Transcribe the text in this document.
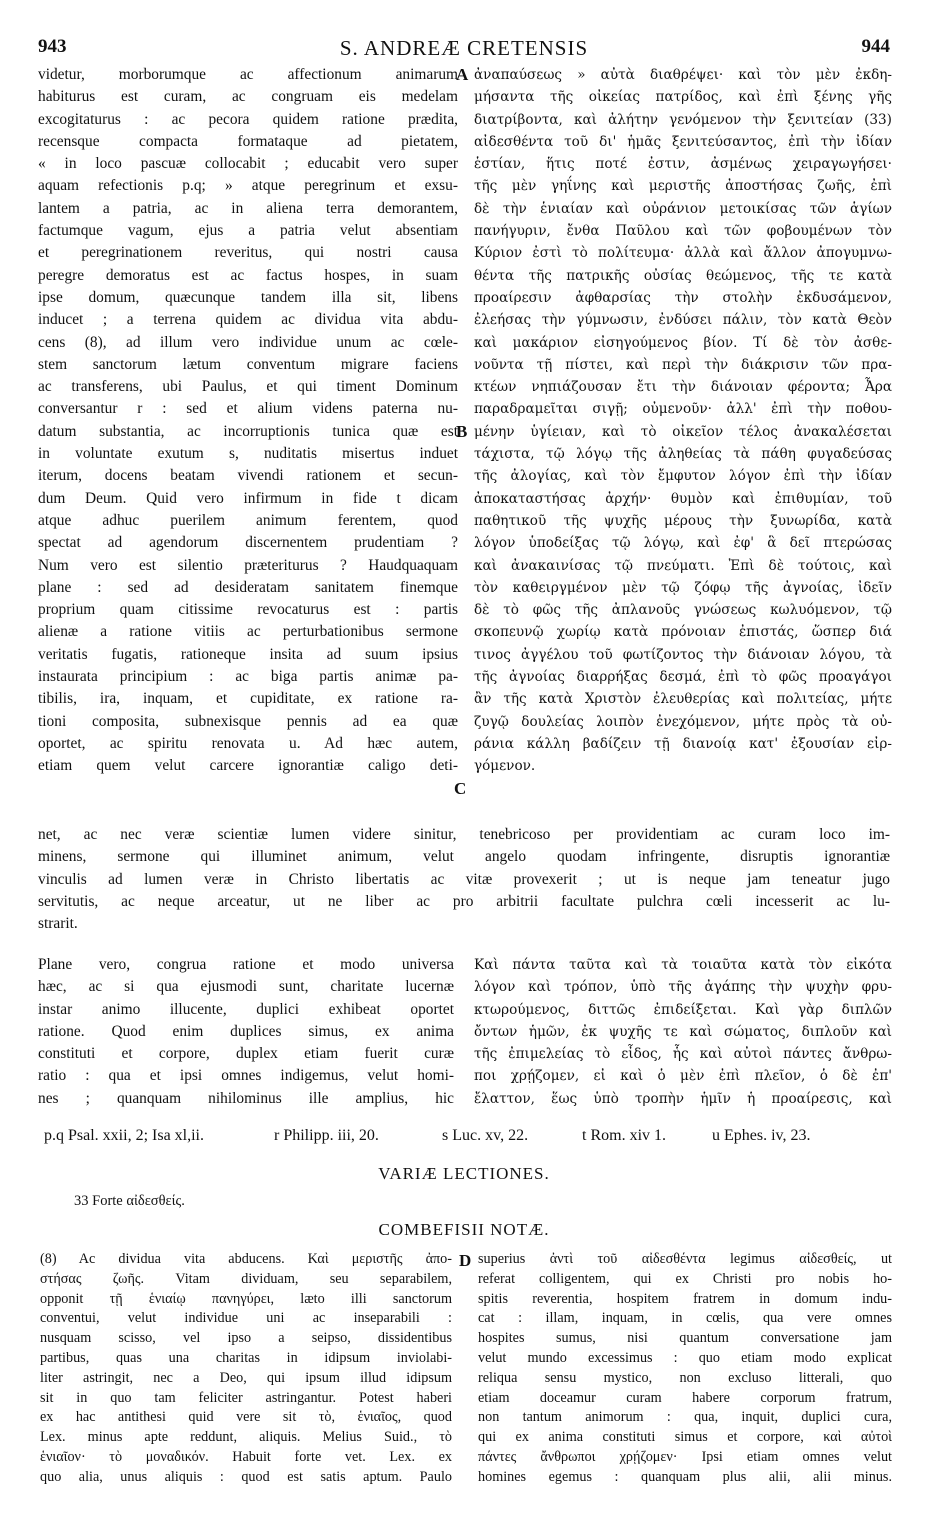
943	S. ANDREÆ CRETENSIS	944
A
B
C
D
videtur, morborumque ac affectionum animarum
habiturus est curam, ac congruam eis medelam
excogitaturus : ac pecora quidem ratione prædita,
recensque compacta formataque ad pietatem,
« in loco pascuæ collocabit ; educabit vero super
aquam refectionis p.q; » atque peregrinum et exsu-
lantem a patria, ac in aliena terra demorantem,
factumque vagum, ejus a patria velut absentiam
et peregrinationem reveritus, qui nostri causa
peregre demoratus est ac factus hospes, in suam
ipse domum, quæcunque tandem illa sit, libens
inducet ; a terrena quidem ac dividua vita abdu-
cens (8), ad illum vero individue unum ac cœle-
stem sanctorum lætum conventum migrare faciens
ac transferens, ubi Paulus, et qui timent Dominum
conversantur r : sed et alium videns paterna nu-
datum substantia, ac incorruptionis tunica quæ est
in voluntate exutum s, nuditatis misertus induet
iterum, docens beatam vivendi rationem et secun-
dum Deum. Quid vero infirmum in fide t dicam
atque adhuc puerilem animum ferentem, quod
spectat ad agendorum discernentem prudentiam ?
Num vero est silentio præteriturus ? Haudquaquam
plane : sed ad desideratam sanitatem finemque
proprium quam citissime revocaturus est : partis
alienæ a ratione vitiis ac perturbationibus sermone
veritatis fugatis, rationeque insita ad suum ipsius
instaurata principium : ac biga partis animæ pa-
tibilis, ira, inquam, et cupiditate, ex ratione ra-
tioni composita, subnexisque pennis ad ea quæ
oportet, ac spiritu renovata u. Ad hæc autem,
etiam quem velut carcere ignorantiæ caligo deti-
ἀναπαύσεως » αὐτὰ διαθρέψει· καὶ τὸν μὲν ἐκδη-
μήσαντα τῆς οἰκείας πατρίδος, καὶ ἐπὶ ξένης γῆς
διατρίβοντα, καὶ ἀλήτην γενόμενον τὴν ξενιτείαν (33)
αἰδεσθέντα τοῦ δι' ἡμᾶς ξενιτεύσαντος, ἐπὶ τὴν ἰδίαν
ἑστίαν, ἥτις ποτέ ἐστιν, ἀσμένως χειραγωγήσει·
τῆς μὲν γηΐνης καὶ μεριστῆς ἀποστήσας ζωῆς, ἐπὶ
δὲ τὴν ἑνιαίαν καὶ οὐράνιον μετοικίσας τῶν ἁγίων
πανήγυριν, ἔνθα Παῦλου καὶ τῶν φοβουμένων τὸν
Κύριον ἐστὶ τὸ πολίτευμα· ἀλλὰ καὶ ἄλλον ἀπογυμνω-
θέντα τῆς πατρικῆς οὐσίας θεώμενος, τῆς τε κατὰ
προαίρεσιν ἀφθαρσίας τὴν στολὴν ἐκδυσάμενον,
ἐλεήσας τὴν γύμνωσιν, ἐνδύσει πάλιν, τὸν κατὰ Θεὸν
καὶ μακάριον εἰσηγούμενος βίον. Τί δὲ τὸν ἀσθε-
νοῦντα τῇ πίστει, καὶ περὶ τὴν διάκρισιν τῶν πρα-
κτέων νηπιάζουσαν ἔτι τὴν διάνοιαν φέροντα; Ἆρα
παραδραμεῖται σιγῇ; οὐμενοῦν· ἀλλ' ἐπὶ τὴν ποθου-
μένην ὑγίειαν, καὶ τὸ οἰκεῖον τέλος ἀνακαλέσεται
τάχιστα, τῷ λόγῳ τῆς ἀληθείας τὰ πάθη φυγαδεύσας
τῆς ἀλογίας, καὶ τὸν ἔμφυτον λόγον ἐπὶ τὴν ἰδίαν
ἀποκαταστήσας ἀρχήν· θυμὸν καὶ ἐπιθυμίαν, τοῦ
παθητικοῦ τῆς ψυχῆς μέρους τὴν ξυνωρίδα, κατὰ
λόγον ὑποδείξας τῷ λόγῳ, καὶ ἐφ' ἃ δεῖ πτερώσας
καὶ ἀνακαινίσας τῷ πνεύματι. Ἐπὶ δὲ τούτοις, καὶ
τὸν καθειργμένον μὲν τῷ ζόφῳ τῆς ἀγνοίας, ἰδεῖν
δὲ τὸ φῶς τῆς ἀπλανοῦς γνώσεως κωλυόμενον, τῷ
σκοπευνῷ χωρίῳ κατὰ πρόνοιαν ἐπιστάς, ὥσπερ διά
τινος ἀγγέλου τοῦ φωτίζοντος τὴν διάνοιαν λόγου, τὰ
τῆς ἀγνοίας διαρρήξας δεσμά, ἐπὶ τὸ φῶς προαγάγοι
ἂν τῆς κατὰ Χριστὸν ἐλευθερίας καὶ πολιτείας, μήτε
ζυγῷ δουλείας λοιπὸν ἐνεχόμενον, μήτε πρὸς τὰ οὐ-
ράνια κάλλη βαδίζειν τῇ διανοίᾳ κατ' ἐξουσίαν εἰρ-
γόμενον.
net, ac nec veræ scientiæ lumen videre sinitur, tenebricoso per providentiam ac curam loco im-
minens, sermone qui illuminet animum, velut angelo quodam infringente, disruptis ignorantiæ
vinculis ad lumen veræ in Christo libertatis ac vitæ provexerit ; ut is neque jam teneatur jugo
servitutis, ac neque arceatur, ut ne liber ac pro arbitrii facultate pulchra cœli incesserit ac lu-
strarit.
Plane vero, congrua ratione et modo universa
hæc, ac si qua ejusmodi sunt, charitate lucernæ
instar animo illucente, duplici exhibeat oportet
ratione. Quod enim duplices simus, ex anima
constituti et corpore, duplex etiam fuerit curæ
ratio : qua et ipsi omnes indigemus, velut homi-
nes ; quanquam nihilominus ille amplius, hic
Καὶ πάντα ταῦτα καὶ τὰ τοιαῦτα κατὰ τὸν εἰκότα
λόγον καὶ τρόπον, ὑπὸ τῆς ἀγάπης τὴν ψυχὴν φρυ-
κτωρούμενος, διττῶς ἐπιδείξεται. Καὶ γὰρ διπλῶν
ὄντων ἡμῶν, ἐκ ψυχῆς τε καὶ σώματος, διπλοῦν καὶ
τῆς ἐπιμελείας τὸ εἶδος, ἧς καὶ αὐτοὶ πάντες ἄνθρω-
ποι χρῄζομεν, εἰ καὶ ὁ μὲν ἐπὶ πλεῖον, ὁ δὲ ἐπ'
ἔλαττον, ἕως ὑπὸ τροπὴν ἡμῖν ἡ προαίρεσις, καὶ
p.q Psal. xxii, 2; Isa xl,ii.	r Philipp. iii, 20.	s Luc. xv, 22.	t Rom. xiv 1.	u Ephes. iv, 23.
VARIÆ LECTIONES.
33 Forte αἰδεσθείς.
COMBEFISII NOTÆ.
(8) Ac dividua vita abducens. Καὶ μεριστῆς ἀπο-
στήσας ζωῆς. Vitam dividuam, seu separabilem,
opponit τῇ ἑνιαίῳ πανηγύρει, læto illi sanctorum
conventui, velut individue uni ac inseparabili :
nusquam scisso, vel ipso a seipso, dissidentibus
partibus, quas una charitas in idipsum inviolabi-
liter astringit, nec a Deo, qui ipsum illud idipsum
sit in quo tam feliciter astringantur. Potest haberi
ex hac antithesi quid vere sit τὸ, ἑνιαῖος, quod
Lex. minus apte reddunt, aliquis. Melius Suid., τὸ
ἑνιαῖον· τὸ μοναδικόν. Habuit forte vet. Lex. ex
quo alia, unus aliquis : quod est satis aptum. Paulo
superius ἀντὶ τοῦ αἰδεσθέντα legimus αἰδεσθείς, ut
referat colligentem, qui ex Christi pro nobis ho-
spitis reverentia, hospitem fratrem in domum indu-
cat : illam, inquam, in cœlis, qua vere omnes
hospites sumus, nisi quantum conversatione jam
velut mundo excessimus : quo etiam modo explicat
reliqua sensu mystico, non excluso litterali, quo
etiam doceamur curam habere corporum fratrum,
non tantum animorum : qua, inquit, duplici cura,
qui ex anima constituti simus et corpore, καὶ αὐτοὶ
πάντες ἄνθρωποι χρῄζομεν· Ipsi etiam omnes velut
homines egemus : quanquam plus alii, alii minus.
